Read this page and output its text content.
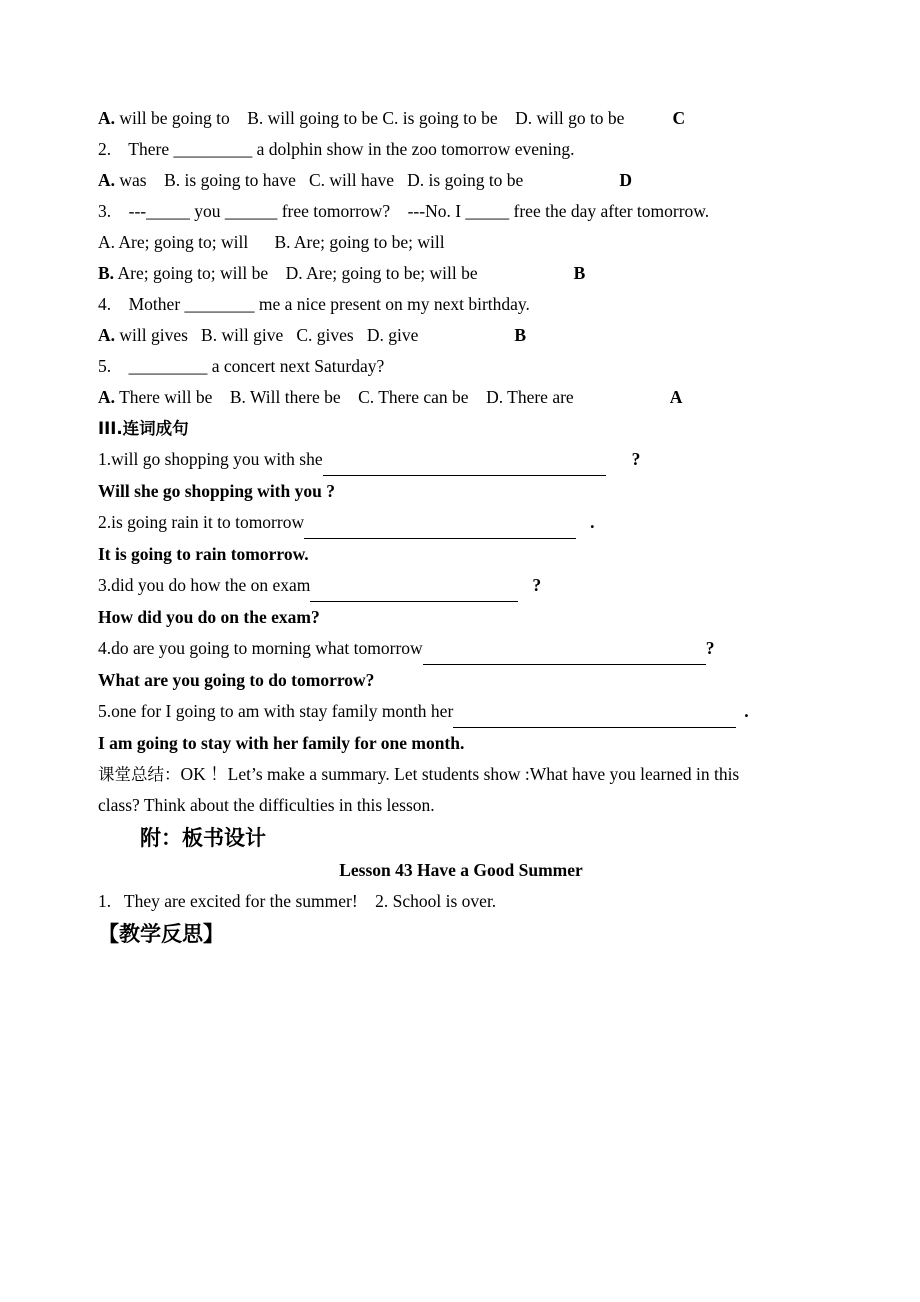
A. will be going to    B. will going to be C. is going to be    D. will go to be	C
2.    There _________ a dolphin show in the zoo tomorrow evening.
A. was    B. is going to have   C. will have   D. is going to be	D
3.    ---_____ you ______ free tomorrow?    ---No. I _____ free the day after tomorrow.
A. Are; going to; will      B. Are; going to be; will
B. Are; going to; will be    D. Are; going to be; will be	B
4.    Mother ________ me a nice present on my next birthday.
A. will gives   B. will give   C. gives   D. give	B
5.    _________ a concert next Saturday?
A. There will be    B. Will there be    C. There can be    D. There are	A
III.连词成句
1.will go shopping you with she	?
Will she go shopping with you ?
2.is going rain it to tomorrow	.
It is going to rain tomorrow.
3.did you do how the on exam	?
How did you do on the exam?
4.do are you going to morning what tomorrow	?
What are you going to do tomorrow?
5.one for I going to am with stay family month her	.
I am going to stay with her family for one month.
课堂总结：OK ！Let’s make a summary. Let students show :What have you learned in this
class? Think about the difficulties in this lesson.
附：板书设计
Lesson 43 Have a Good Summer
1.   They are excited for the summer!    2. School is over.
【教学反思】
